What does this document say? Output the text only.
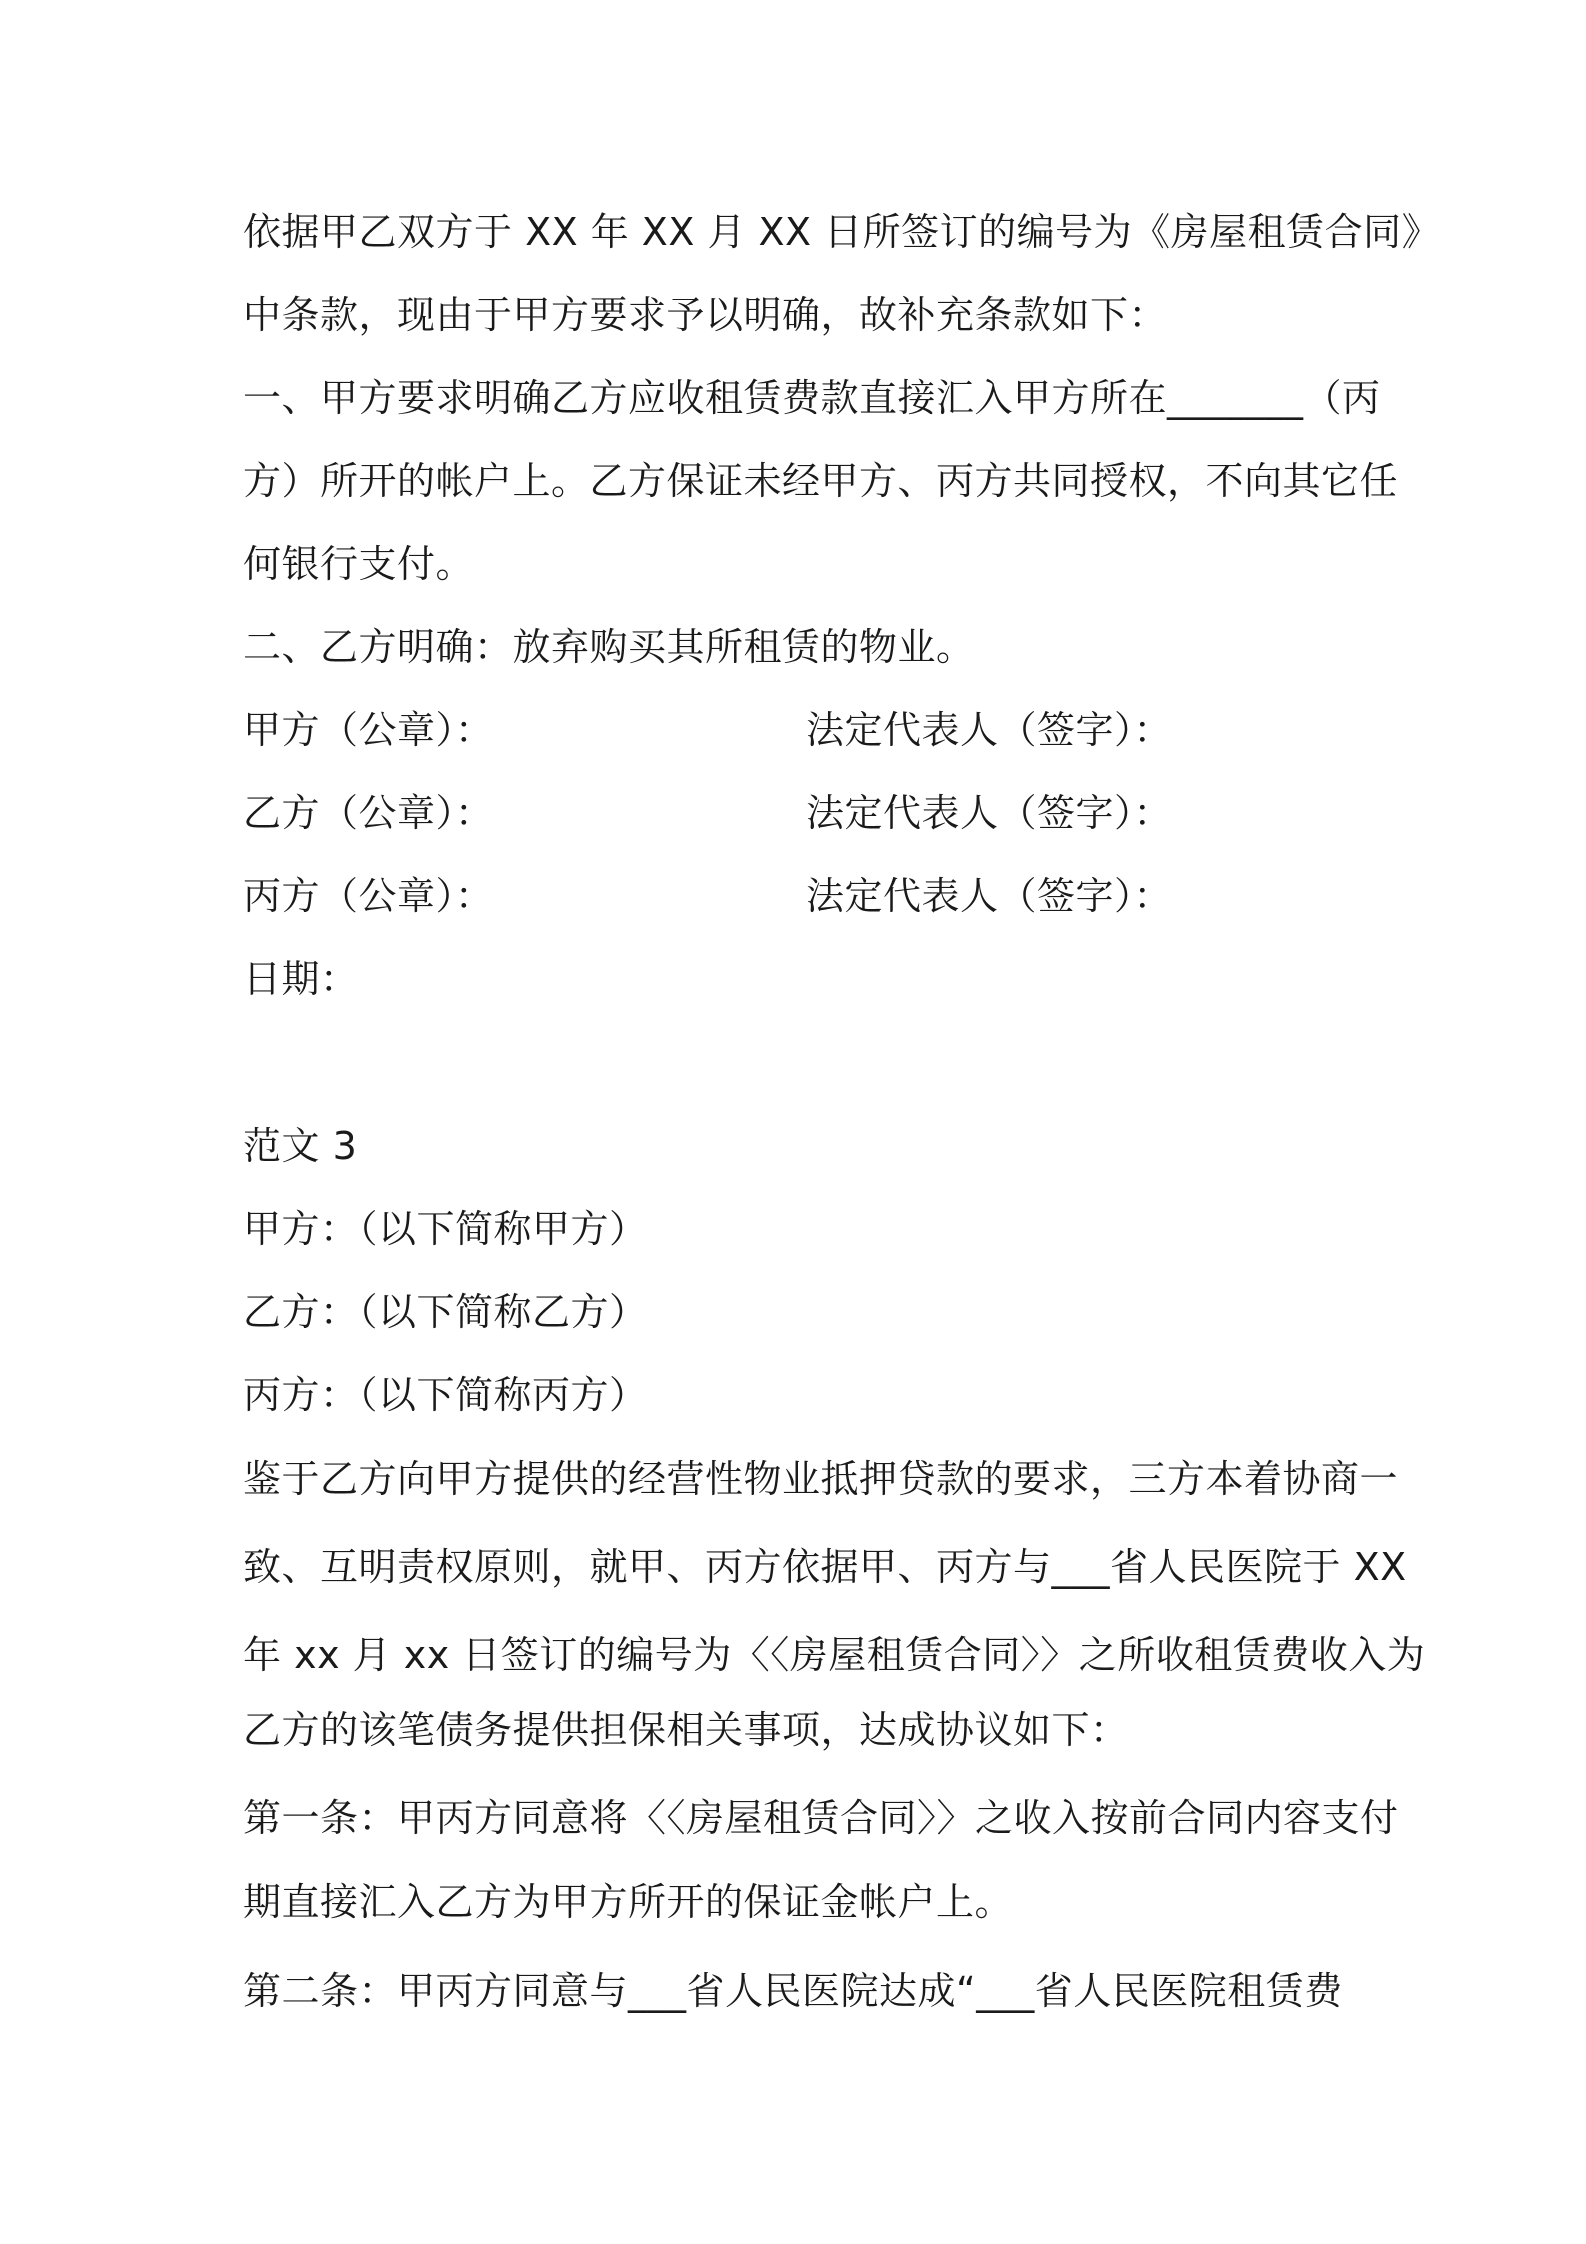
依据甲乙双方于 XX 年 XX 月 XX 日所签订的编号为《房屋租赁合同》
中条款，现由于甲方要求予以明确，故补充条款如下：
一、甲方要求明确乙方应收租赁费款直接汇入甲方所在_______（丙
方）所开的帐户上。乙方保证未经甲方、丙方共同授权，不向其它任
何银行支付。
二、乙方明确：放弃购买其所租赁的物业。
甲方（公章）：	法定代表人（签字）：
乙方（公章）：	法定代表人（签字）：
丙方（公章）：	法定代表人（签字）：
日期：
范文 3
甲方：（以下简称甲方）
乙方：（以下简称乙方）
丙方：（以下简称丙方）
鉴于乙方向甲方提供的经营性物业抵押贷款的要求，三方本着协商一
致、互明责权原则，就甲、丙方依据甲、丙方与___省人民医院于 XX
年 xx 月 xx 日签订的编号为〈〈房屋租赁合同〉〉之所收租赁费收入为
乙方的该笔债务提供担保相关事项，达成协议如下：
第一条：甲丙方同意将〈〈房屋租赁合同〉〉之收入按前合同内容支付
期直接汇入乙方为甲方所开的保证金帐户上。
第二条：甲丙方同意与___省人民医院达成“___省人民医院租赁费
